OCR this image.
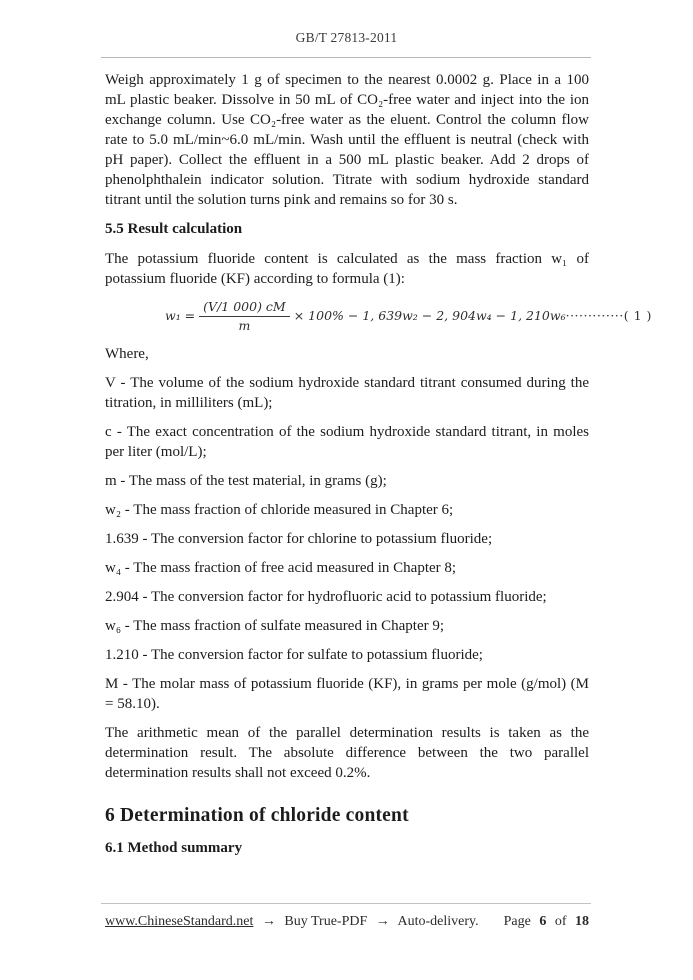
GB/T 27813-2011

Weigh approximately 1 g of specimen to the nearest 0.0002 g. Place in a 100 mL plastic beaker. Dissolve in 50 mL of CO₂-free water and inject into the ion exchange column. Use CO₂-free water as the eluent. Control the column flow rate to 5.0 mL/min~6.0 mL/min. Wash until the effluent is neutral (check with pH paper). Collect the effluent in a 500 mL plastic beaker. Add 2 drops of phenolphthalein indicator solution. Titrate with sodium hydroxide standard titrant until the solution turns pink and remains so for 30 s.

5.5 Result calculation

The potassium fluoride content is calculated as the mass fraction w₁ of potassium fluoride (KF) according to formula (1):

$w_1 = \frac{(V/1 000) cM}{m} \times 100\% - 1$, 639w₂ − 2, 904w₄ − 1, 210w₆ ·············( 1 )

Where,

V - The volume of the sodium hydroxide standard titrant consumed during the titration, in milliliters (mL);

c - The exact concentration of the sodium hydroxide standard titrant, in moles per liter (mol/L);

m - The mass of the test material, in grams (g);

w₂ - The mass fraction of chloride measured in Chapter 6;

1.639 - The conversion factor for chlorine to potassium fluoride;

w₄ - The mass fraction of free acid measured in Chapter 8;

2.904 - The conversion factor for hydrofluoric acid to potassium fluoride;

w₆ - The mass fraction of sulfate measured in Chapter 9;

1.210 - The conversion factor for sulfate to potassium fluoride;

M - The molar mass of potassium fluoride (KF), in grams per mole (g/mol) (M = 58.10).

The arithmetic mean of the parallel determination results is taken as the determination result. The absolute difference between the two parallel determination results shall not exceed 0.2%.

6 Determination of chloride content
6.1 Method summary
www.ChineseStandard.net → Buy True-PDF → Auto-delivery.	Page 6 of 18
